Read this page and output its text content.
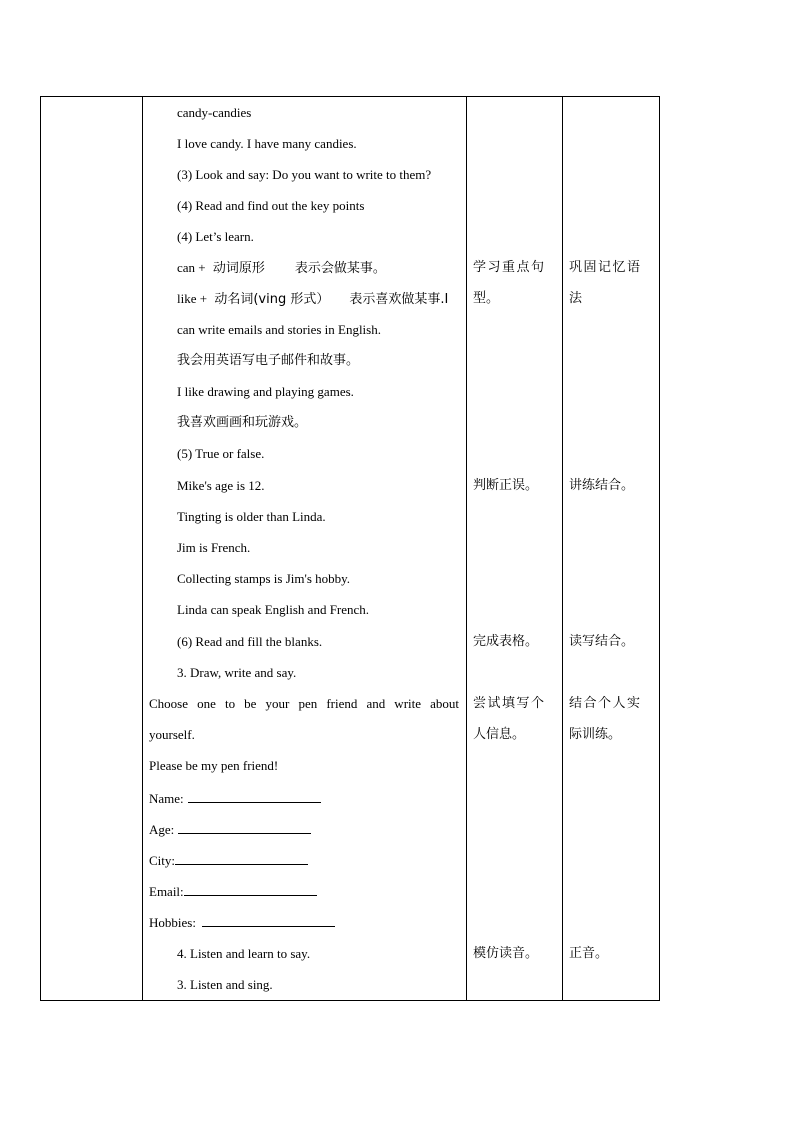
candy-candies
I love candy. I have many candies.
(3) Look and say: Do you want to write to them?
(4) Read and find out the key points
(4) Let’s learn.
can + 动词原形 表示会做某事。
like + 动名词(ving 形式） 表示喜欢做某事.I
can write emails and stories in English.
我会用英语写电子邮件和故事。
I like drawing and playing games.
我喜欢画画和玩游戏。
(5) True or false.
Mike's age is 12.
Tingting is older than Linda.
Jim is French.
Collecting stamps is Jim's hobby.
Linda can speak English and French.
(6) Read and fill the blanks.
3. Draw, write and say.
Choose one to be your pen friend and write about
yourself.
Please be my pen friend!
Name:
Age:
City:
Email:
Hobbies:
4. Listen and learn to say.
3. Listen and sing.
学习重点句
型。
判断正误。
完成表格。
尝试填写个
人信息。
模仿读音。
巩固记忆语
法
讲练结合。
读写结合。
结合个人实
际训练。
正音。
